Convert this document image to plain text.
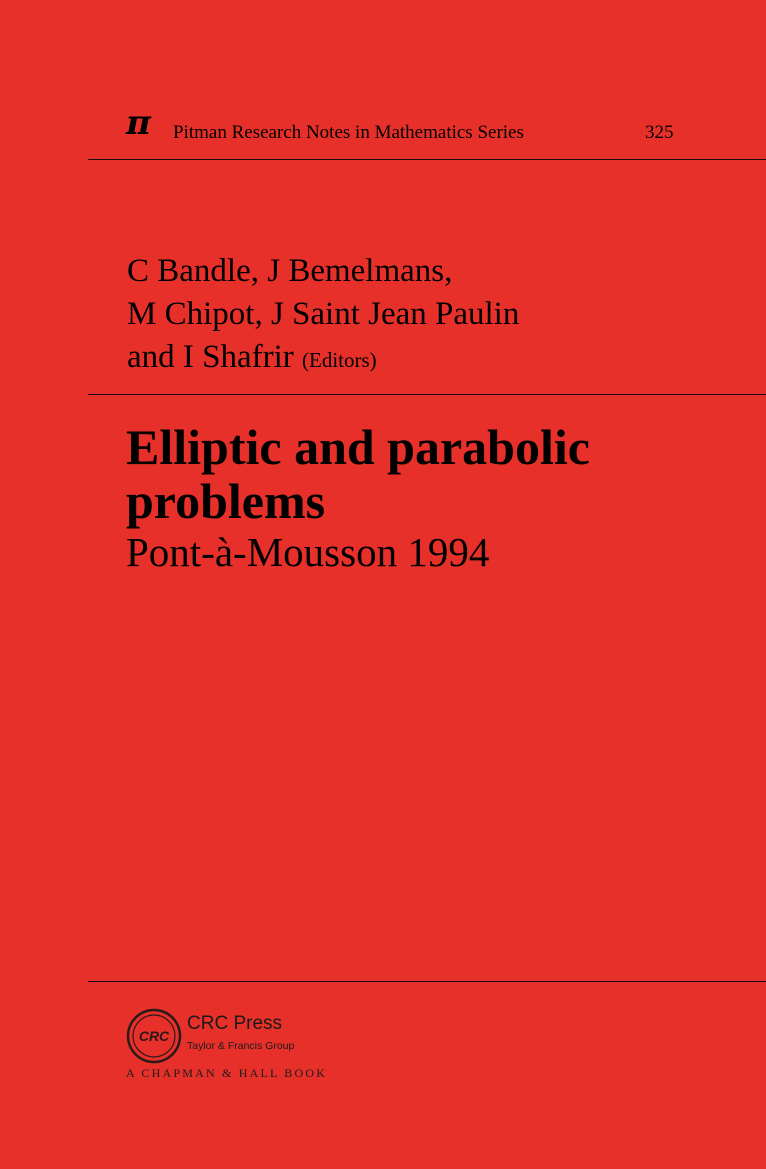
π Pitman Research Notes in Mathematics Series	325
C Bandle, J Bemelmans,
M Chipot, J Saint Jean Paulin
and I Shafrir (Editors)
Elliptic and parabolic
problems
Pont-à-Mousson 1994
CRC
CRC Press
Taylor & Francis Group
A CHAPMAN & HALL BOOK
